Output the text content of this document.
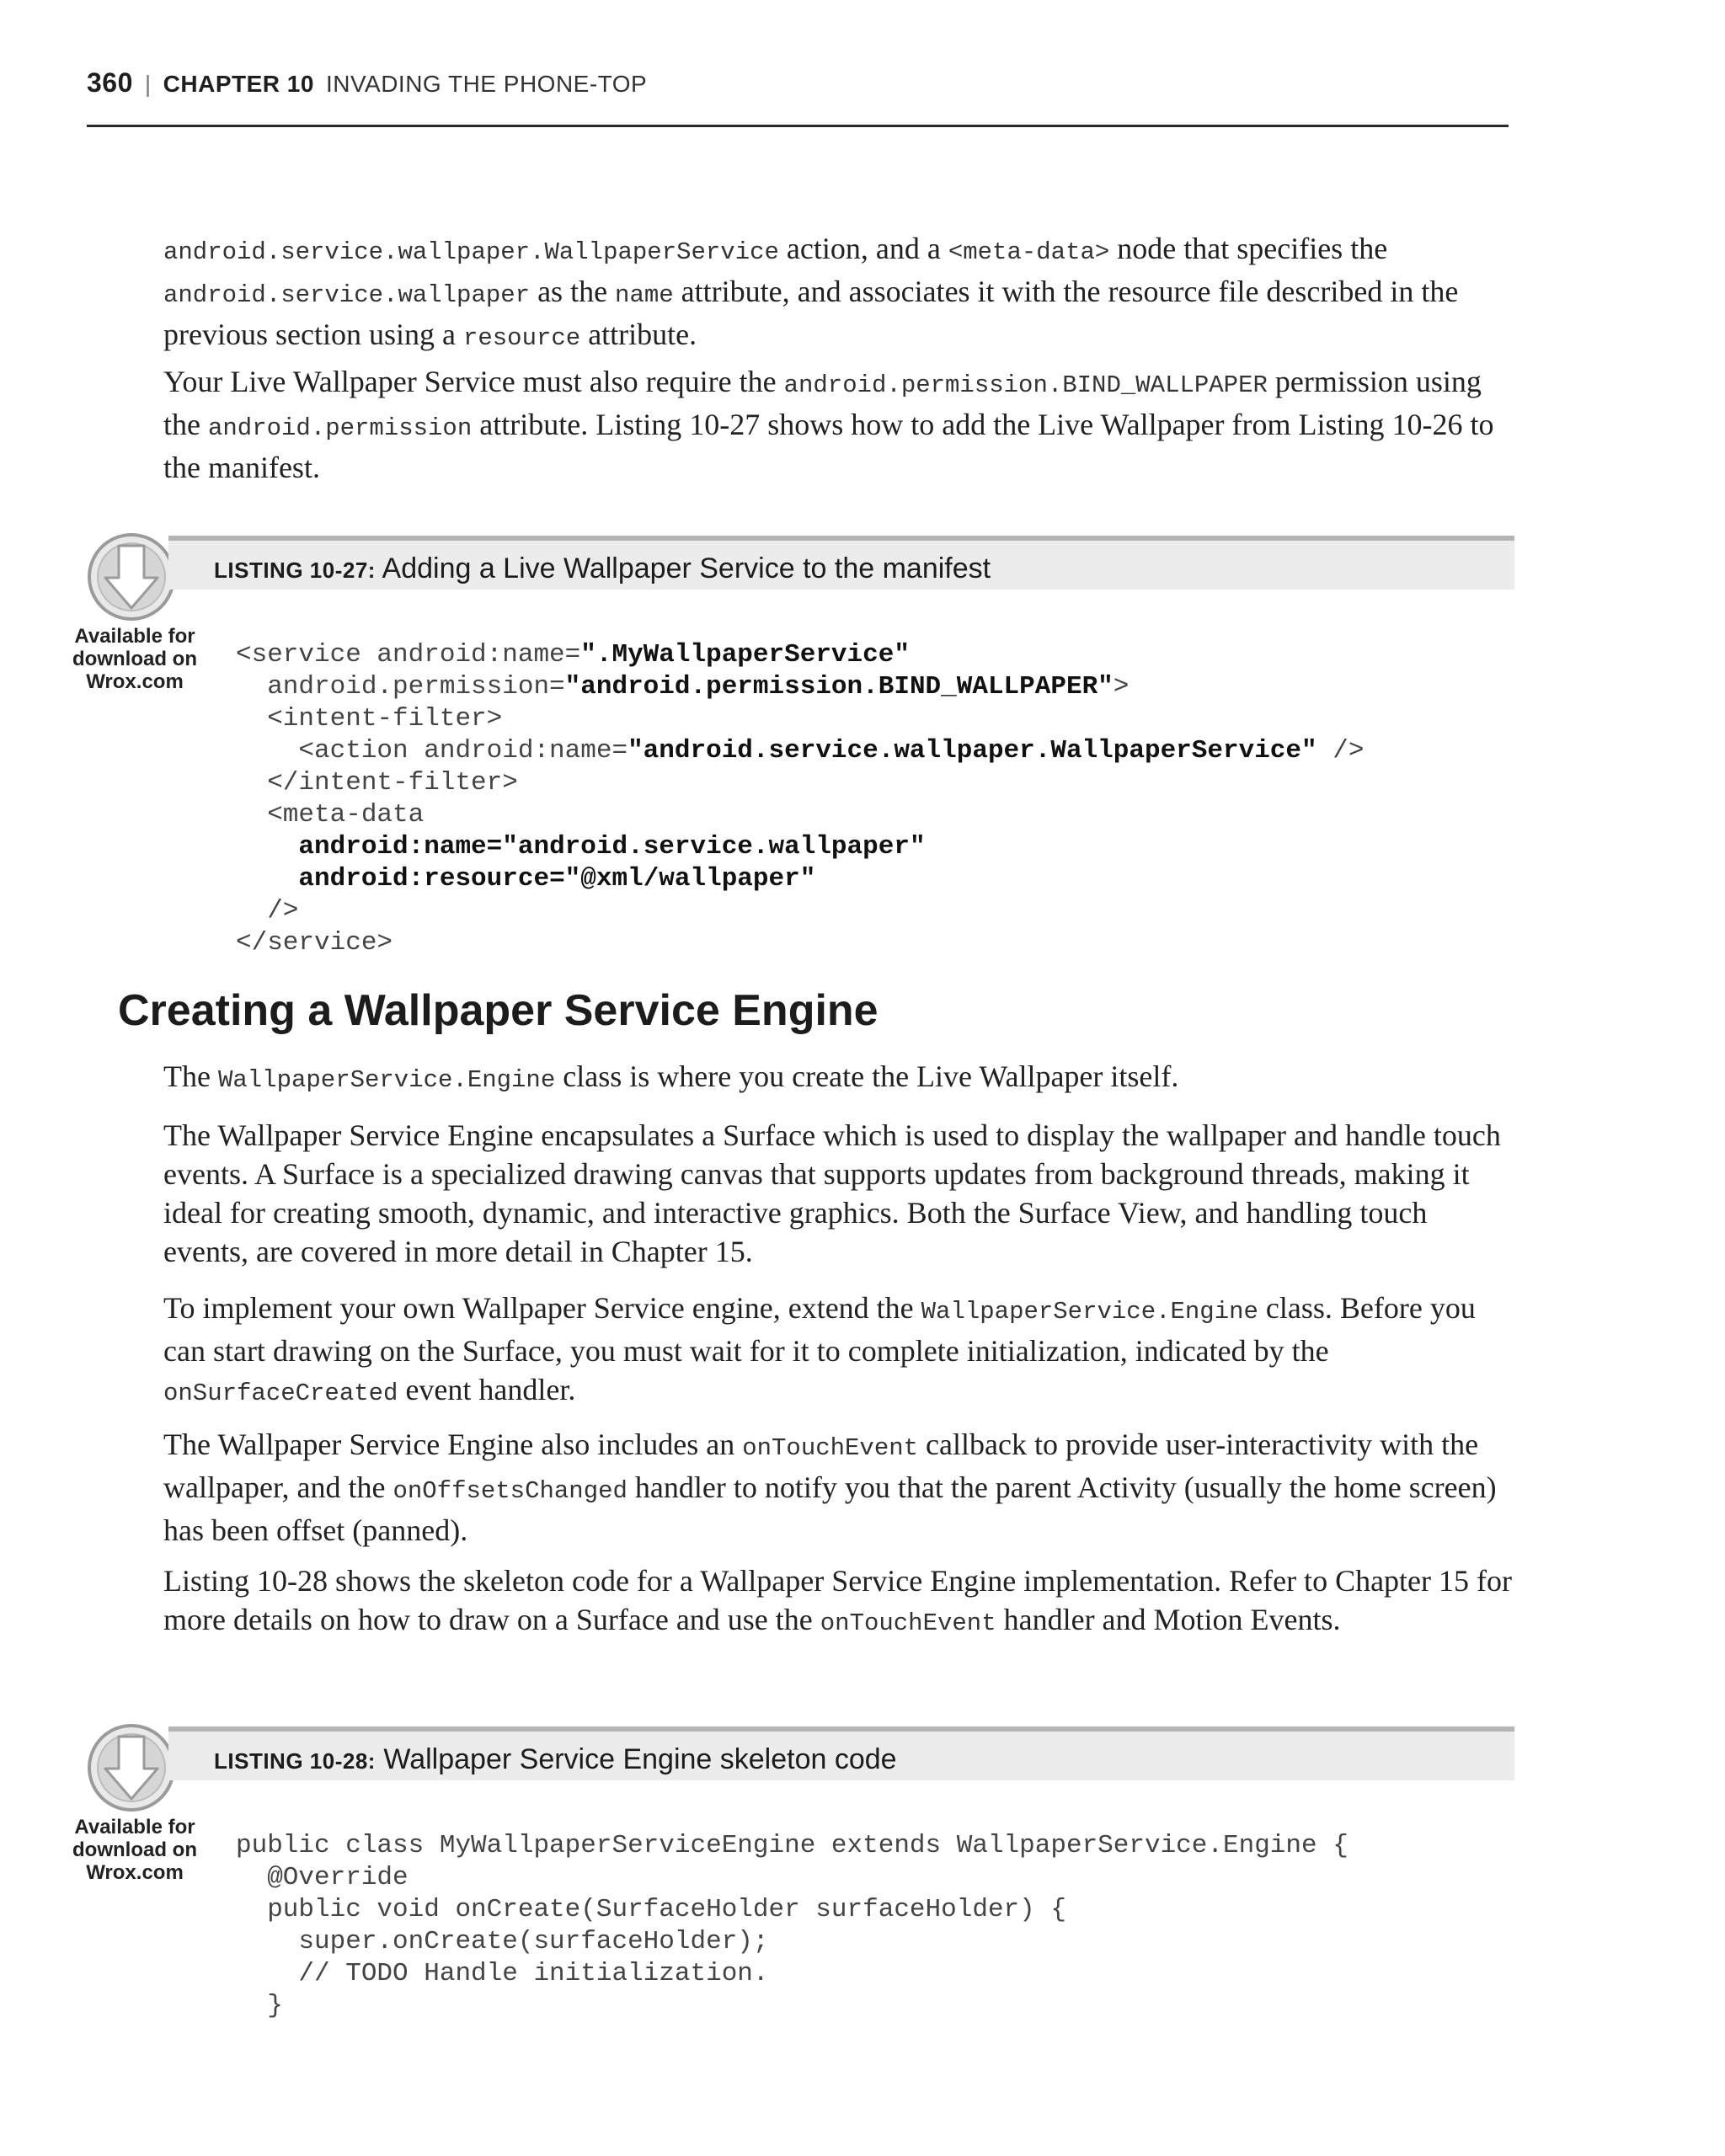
360 | CHAPTER 10 INVADING THE PHONE-TOP

android.service.wallpaper.WallpaperService action, and a <meta-data> node that specifies the android.service.wallpaper as the name attribute, and associates it with the resource file described in the previous section using a resource attribute.

Your Live Wallpaper Service must also require the android.permission.BIND_WALLPAPER permission using the android.permission attribute. Listing 10-27 shows how to add the Live Wallpaper from Listing 10-26 to the manifest.

Available for
download on
Wrox.com
LISTING 10-27: Adding a Live Wallpaper Service to the manifest
<service android:name=".MyWallpaperService"
android.permission="android.permission.BIND_WALLPAPER">
<intent-filter>
<action android:name="android.service.wallpaper.WallpaperService" />
</intent-filter>
<meta-data
android:name="android.service.wallpaper"
android:resource="@xml/wallpaper"
/>
</service>
Creating a Wallpaper Service Engine

The WallpaperService.Engine class is where you create the Live Wallpaper itself.

The Wallpaper Service Engine encapsulates a Surface which is used to display the wallpaper and handle touch events. A Surface is a specialized drawing canvas that supports updates from background threads, making it ideal for creating smooth, dynamic, and interactive graphics. Both the Surface View, and handling touch events, are covered in more detail in Chapter 15.

To implement your own Wallpaper Service engine, extend the WallpaperService.Engine class. Before you can start drawing on the Surface, you must wait for it to complete initialization, indicated by the onSurfaceCreated event handler.

The Wallpaper Service Engine also includes an onTouchEvent callback to provide user-interactivity with the wallpaper, and the onOffsetsChanged handler to notify you that the parent Activity (usually the home screen) has been offset (panned).

Listing 10-28 shows the skeleton code for a Wallpaper Service Engine implementation. Refer to Chapter 15 for more details on how to draw on a Surface and use the onTouchEvent handler and Motion Events.

Available for
download on
Wrox.com
LISTING 10-28: Wallpaper Service Engine skeleton code
public class MyWallpaperServiceEngine extends WallpaperService.Engine {
@Override
public void onCreate(SurfaceHolder surfaceHolder) {
super.onCreate(surfaceHolder);
// TODO Handle initialization.
}
